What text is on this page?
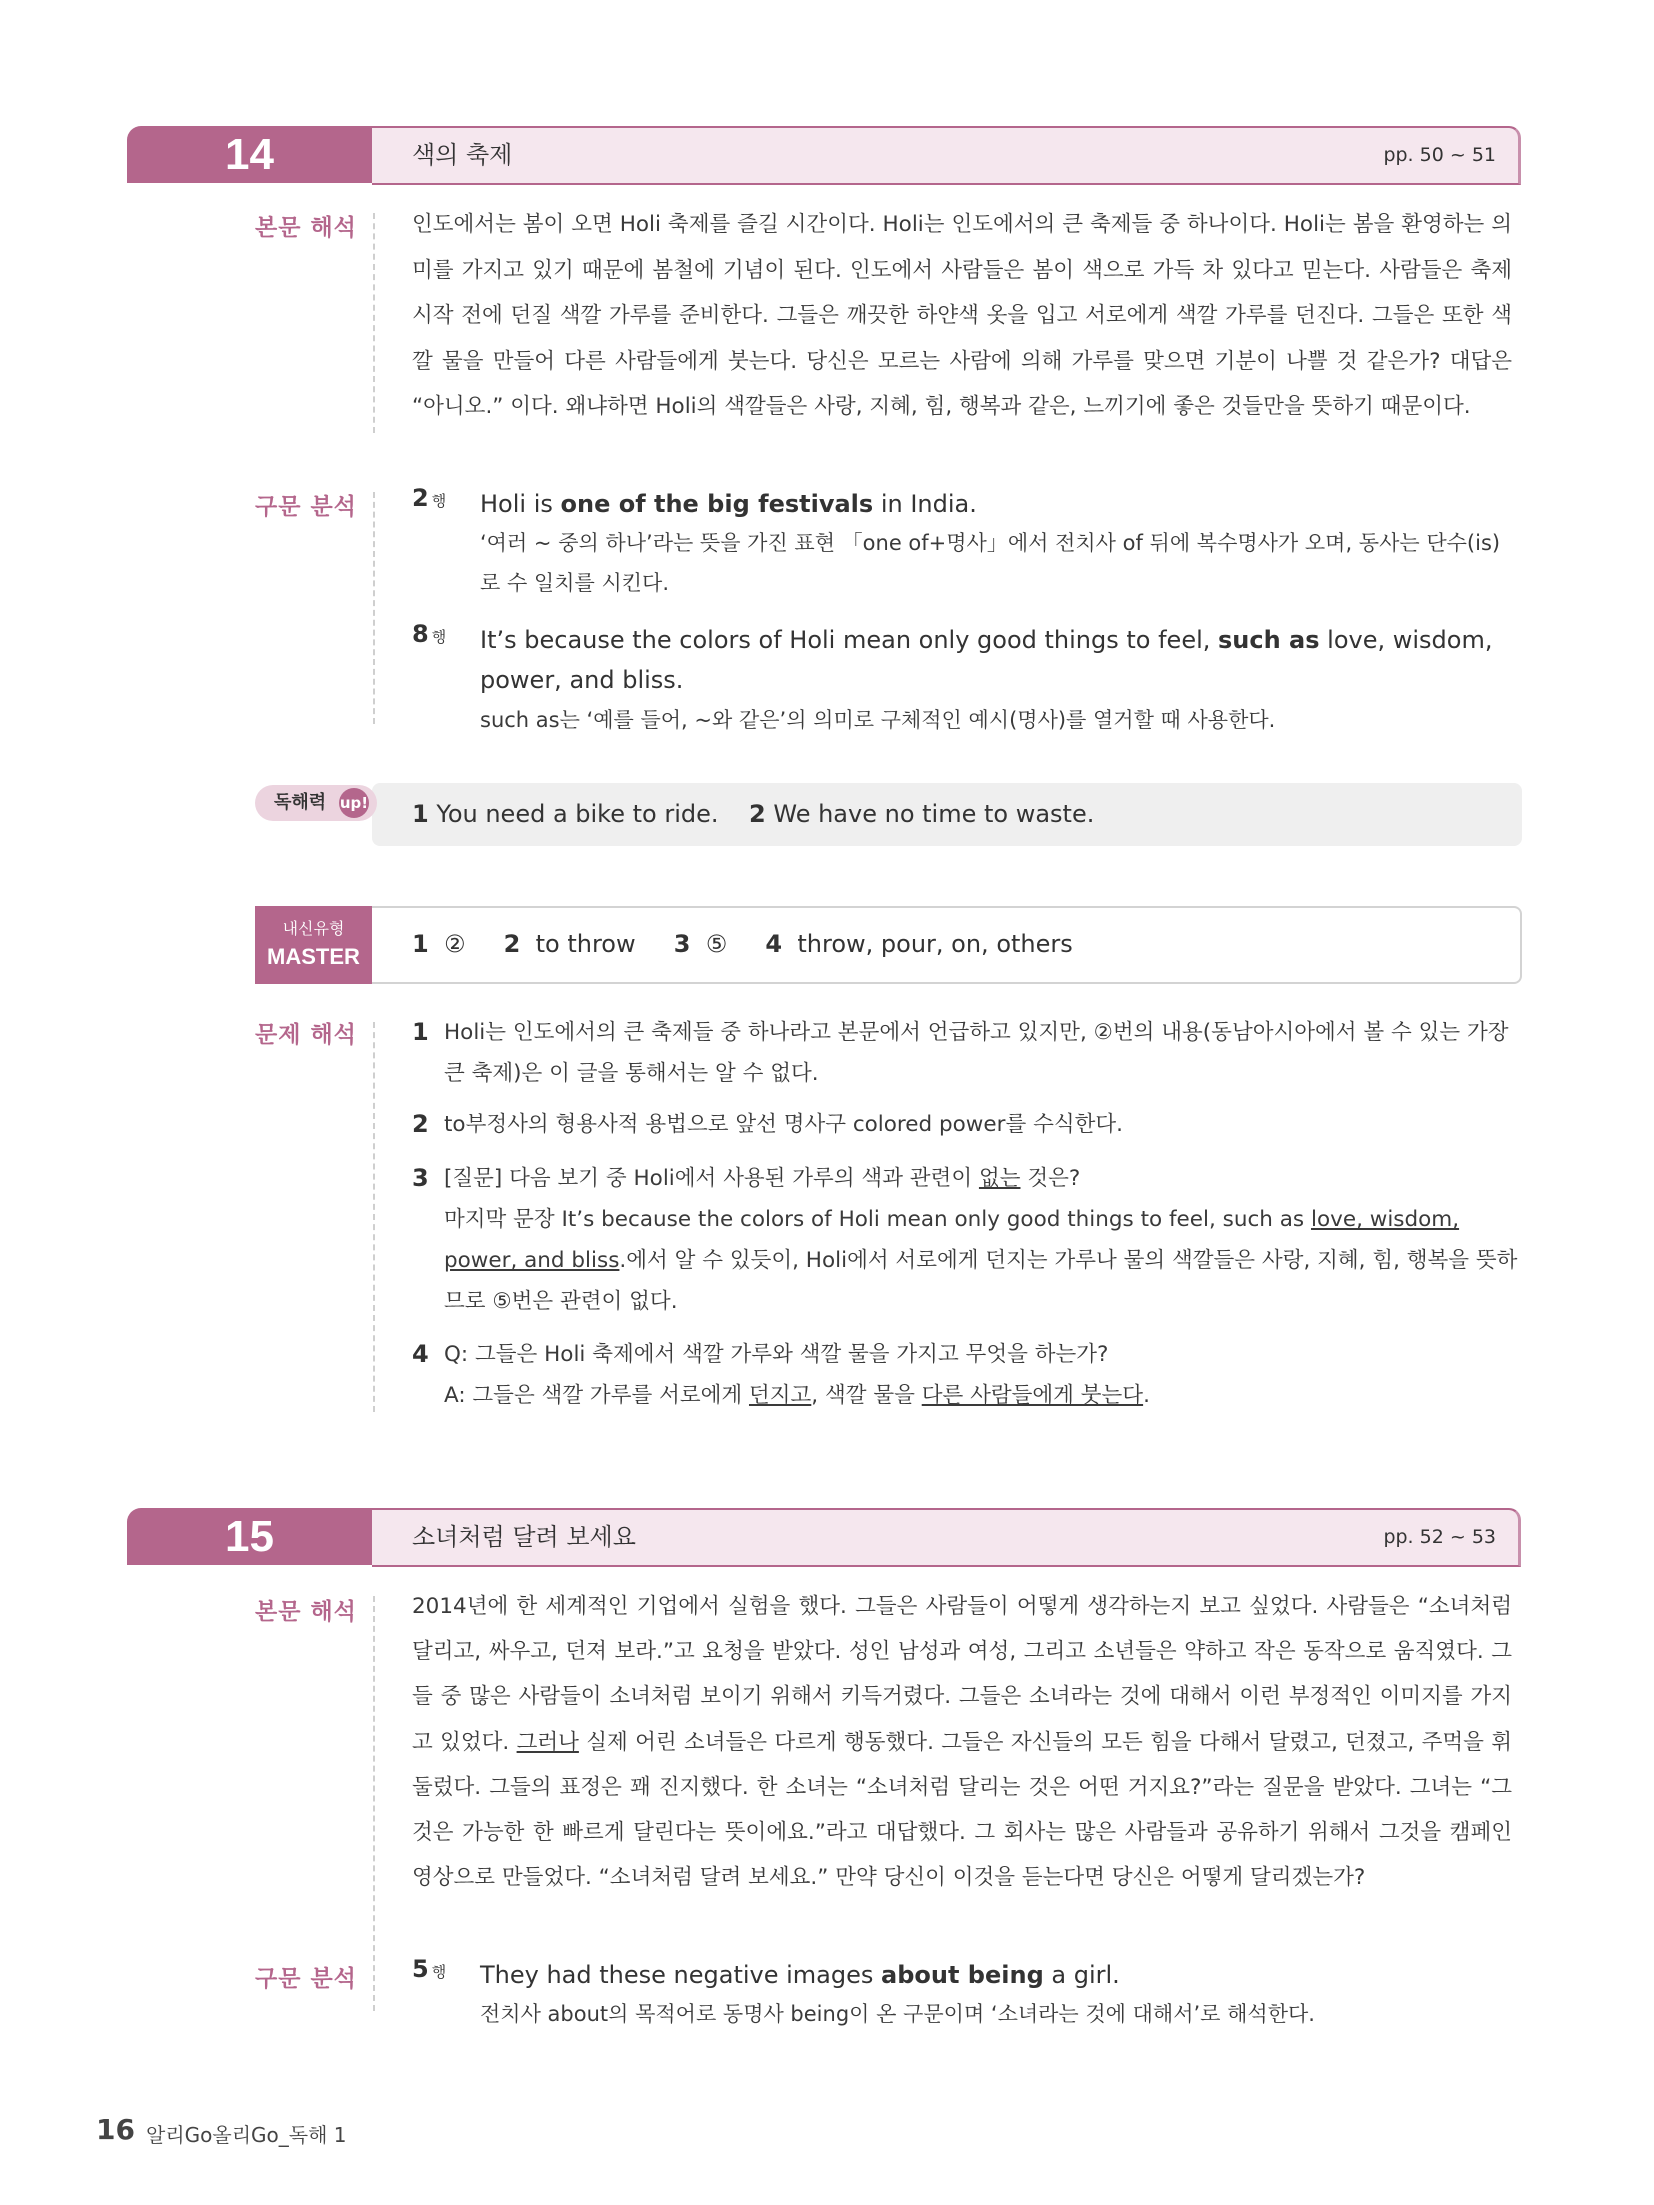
14	색의 축제	pp. 50 ~ 51
본문 해석	인도에서는 봄이 오면 Holi 축제를 즐길 시간이다. Holi는 인도에서의 큰 축제들 중 하나이다. Holi는 봄을 환영하는 의미를 가지고 있기 때문에 봄철에 기념이 된다. 인도에서 사람들은 봄이 색으로 가득 차 있다고 믿는다. 사람들은 축제 시작 전에 던질 색깔 가루를 준비한다. 그들은 깨끗한 하얀색 옷을 입고 서로에게 색깔 가루를 던진다. 그들은 또한 색깔 물을 만들어 다른 사람들에게 붓는다. 당신은 모르는 사람에 의해 가루를 맞으면 기분이 나쁠 것 같은가? 대답은 “아니오.” 이다. 왜냐하면 Holi의 색깔들은 사랑, 지혜, 힘, 행복과 같은, 느끼기에 좋은 것들만을 뜻하기 때문이다.
구문 분석 2 행 Holi is one of the big festivals in India.
‘여러 ~ 중의 하나’라는 뜻을 가진 표현 「one of+명사」에서 전치사 of 뒤에 복수명사가 오며, 동사는 단수(is)로 수 일치를 시킨다.
8 행 It’s because the colors of Holi mean only good things to feel, such as love, wisdom, power, and bliss.
such as는 ‘예를 들어, ~와 같은’의 의미로 구체적인 예시(명사)를 열거할 때 사용한다.
독해력 up! 1 You need a bike to ride. 2 We have no time to waste.
내신유형
MASTER	1 ② 2 to throw 3 ⑤ 4 throw, pour, on, others
문제 해석 1 Holi는 인도에서의 큰 축제들 중 하나라고 본문에서 언급하고 있지만, ②번의 내용(동남아시아에서 볼 수 있는 가장 큰 축제)은 이 글을 통해서는 알 수 없다.
2 to부정사의 형용사적 용법으로 앞선 명사구 colored power를 수식한다.
3 [질문] 다음 보기 중 Holi에서 사용된 가루의 색과 관련이 없는 것은?
마지막 문장 It’s because the colors of Holi mean only good things to feel, such as love, wisdom, power, and bliss.에서 알 수 있듯이, Holi에서 서로에게 던지는 가루나 물의 색깔들은 사랑, 지혜, 힘, 행복을 뜻하므로 ⑤번은 관련이 없다.
4 Q: 그들은 Holi 축제에서 색깔 가루와 색깔 물을 가지고 무엇을 하는가?
A: 그들은 색깔 가루를 서로에게 던지고, 색깔 물을 다른 사람들에게 붓는다.
15	소녀처럼 달려 보세요	pp. 52 ~ 53
본문 해석	2014년에 한 세계적인 기업에서 실험을 했다. 그들은 사람들이 어떻게 생각하는지 보고 싶었다. 사람들은 “소녀처럼 달리고, 싸우고, 던져 보라.”고 요청을 받았다. 성인 남성과 여성, 그리고 소년들은 약하고 작은 동작으로 움직였다. 그들 중 많은 사람들이 소녀처럼 보이기 위해서 키득거렸다. 그들은 소녀라는 것에 대해서 이런 부정적인 이미지를 가지고 있었다. 그러나 실제 어린 소녀들은 다르게 행동했다. 그들은 자신들의 모든 힘을 다해서 달렸고, 던졌고, 주먹을 휘둘렀다. 그들의 표정은 꽤 진지했다. 한 소녀는 “소녀처럼 달리는 것은 어떤 거지요?”라는 질문을 받았다. 그녀는 “그것은 가능한 한 빠르게 달린다는 뜻이에요.”라고 대답했다. 그 회사는 많은 사람들과 공유하기 위해서 그것을 캠페인 영상으로 만들었다. “소녀처럼 달려 보세요.” 만약 당신이 이것을 듣는다면 당신은 어떻게 달리겠는가?
구문 분석 5 행 They had these negative images about being a girl.
전치사 about의 목적어로 동명사 being이 온 구문이며 ‘소녀라는 것에 대해서’로 해석한다.
16 알리Go올리Go_독해 1
